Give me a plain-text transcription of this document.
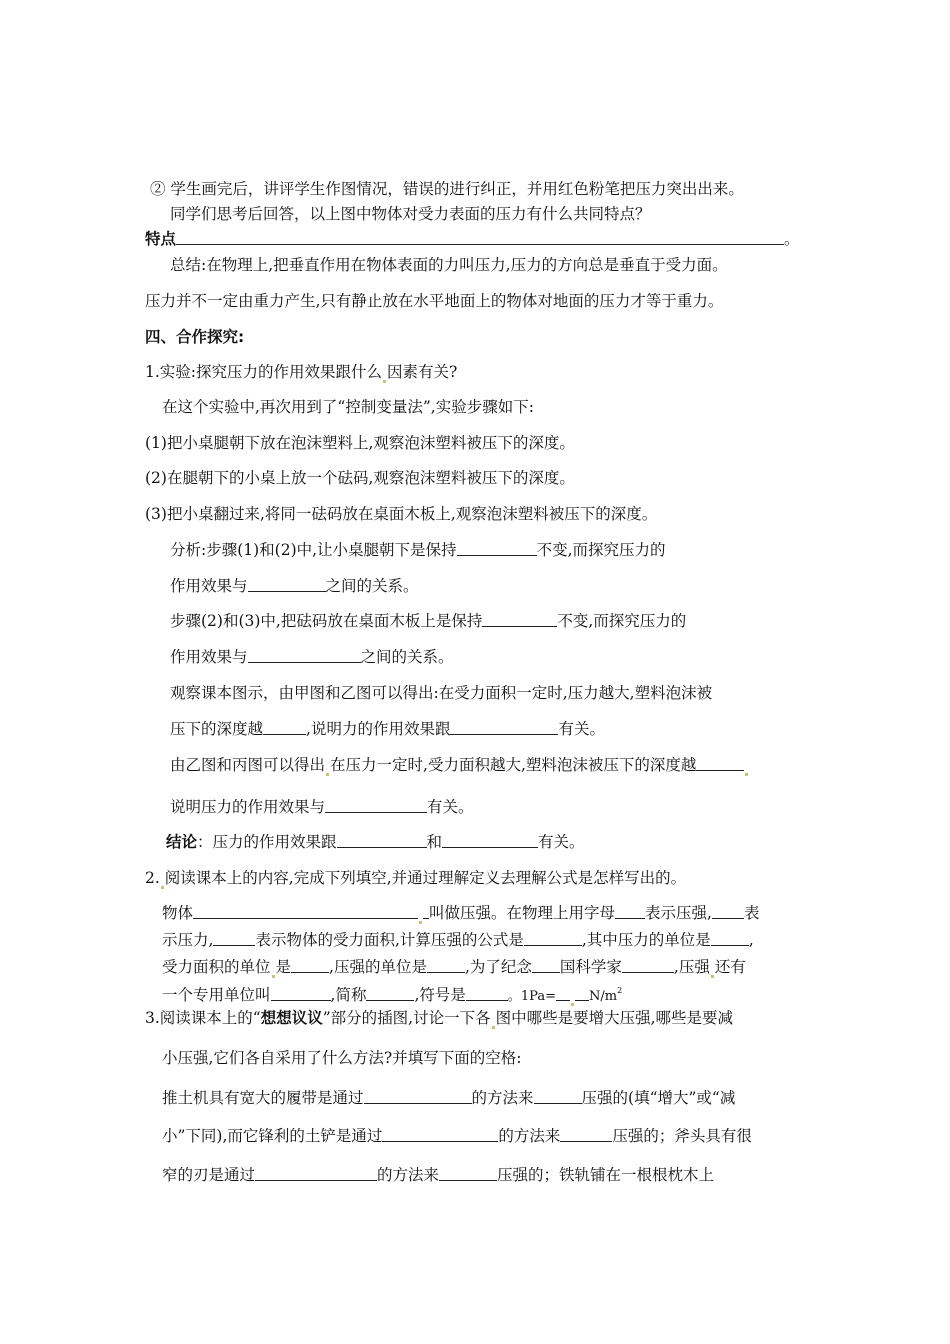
② 学生画完后，讲评学生作图情况，错误的进行纠正，并用红色粉笔把压力突出出来。
同学们思考后回答，以上图中物体对受力表面的压力有什么共同特点？
特点	。
总结:在物理上,把垂直作用在物体表面的力叫压力,压力的方向总是垂直于受力面。
压力并不一定由重力产生,只有静止放在水平地面上的物体对地面的压力才等于重力。
四、合作探究:
1.实验:探究压力的作用效果跟什么 因素有关?
在这个实验中,再次用到了“控制变量法”,实验步骤如下:
(1)把小桌腿朝下放在泡沫塑料上,观察泡沫塑料被压下的深度。
(2)在腿朝下的小桌上放一个砝码,观察泡沫塑料被压下的深度。
(3)把小桌翻过来,将同一砝码放在桌面木板上,观察泡沫塑料被压下的深度。
分析:步骤(1)和(2)中,让小桌腿朝下是保持	不变,而探究压力的
作用效果与	之间的关系。
步骤(2)和(3)中,把砝码放在桌面木板上是保持	不变,而探究压力的
作用效果与	之间的关系。
观察课本图示，由甲图和乙图可以得出:在受力面积一定时,压力越大,塑料泡沫被
压下的深度越	,说明力的作用效果跟	有关。
由乙图和丙图可以得出 在压力一定时,受力面积越大,塑料泡沫被压下的深度越
说明压力的作用效果与	有关。
结论：压力的作用效果跟	和	有关。
2. 阅读课本上的内容,完成下列填空,并通过理解定义去理解公式是怎样写出的。
物体	叫做压强。在物理上用字母 表示压强, 表
示压力,	表示物体的受力面积,计算压强的公式是	,其中压力的单位是 ,
受力面积的单位 是 ,压强的单位是 ,为了纪念 国科学家	,压强 还有
一个专用单位叫	,简称	,符号是	。1Pa=	$N/m^2$
3.阅读课本上的“想想议议”部分的插图,讨论一下各 图中哪些是要增大压强,哪些是要减
小压强,它们各自采用了什么方法?并填写下面的空格:
推土机具有宽大的履带是通过	的方法来	压强的(填“增大”或“减
小”下同),而它锋利的土铲是通过	的方法来	压强的；斧头具有很
窄的刃是通过	的方法来	压强的；铁轨铺在一根根枕木上
